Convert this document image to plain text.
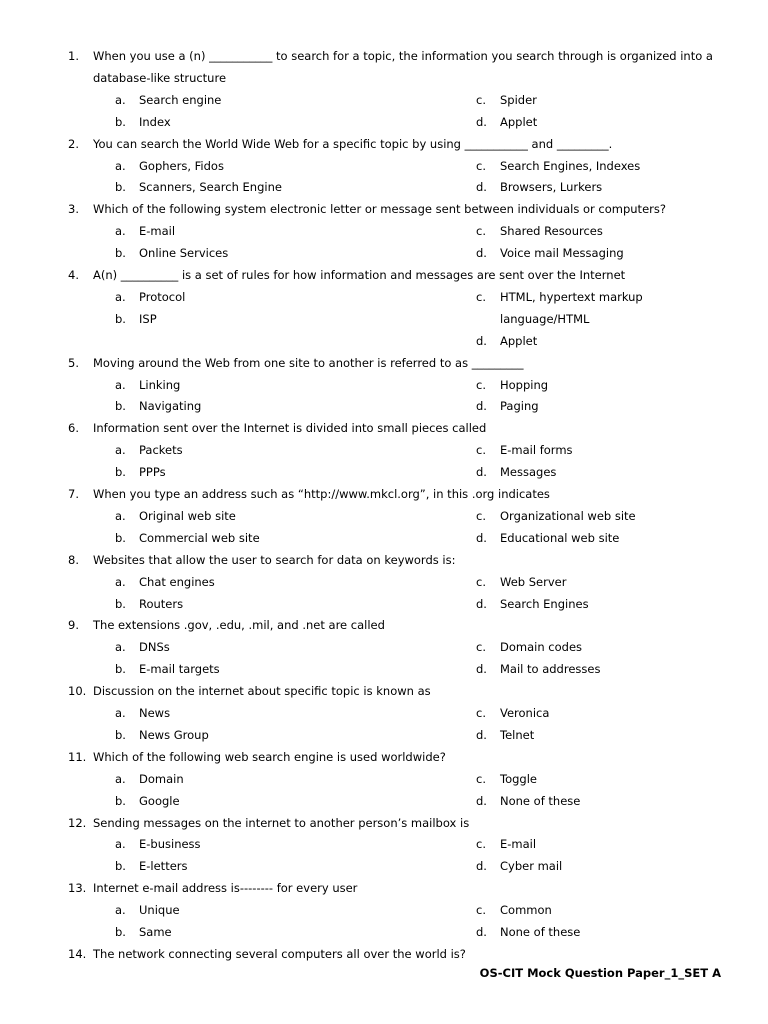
1. When you use a (n) ___________ to search for a topic, the information you search through is organized into a
database-like structure
a. Search engine
b. Index
c. Spider
d. Applet
2. You can search the World Wide Web for a specific topic by using ___________ and _________.
a. Gophers, Fidos
b. Scanners, Search Engine
c. Search Engines, Indexes
d. Browsers, Lurkers
3. Which of the following system electronic letter or message sent between individuals or computers?
a. E-mail
b. Online Services
c. Shared Resources
d. Voice mail Messaging
4. A(n) __________ is a set of rules for how information and messages are sent over the Internet
a. Protocol
b. ISP
c. HTML, hypertext markup
language/HTML
d. Applet
5. Moving around the Web from one site to another is referred to as _________
a. Linking
b. Navigating
c. Hopping
d. Paging
6. Information sent over the Internet is divided into small pieces called
a. Packets
b. PPPs
c. E-mail forms
d. Messages
7. When you type an address such as “http://www.mkcl.org”, in this .org indicates
a. Original web site
b. Commercial web site
c. Organizational web site
d. Educational web site
8. Websites that allow the user to search for data on keywords is:
a. Chat engines
b. Routers
c. Web Server
d. Search Engines
9. The extensions .gov, .edu, .mil, and .net are called
a. DNSs
b. E-mail targets
c. Domain codes
d. Mail to addresses
10. Discussion on the internet about specific topic is known as
a. News
b. News Group
c. Veronica
d. Telnet
11. Which of the following web search engine is used worldwide?
a. Domain
b. Google
c. Toggle
d. None of these
12. Sending messages on the internet to another person’s mailbox is
a. E-business
b. E-letters
c. E-mail
d. Cyber mail
13. Internet e-mail address is-------- for every user
a. Unique
b. Same
c. Common
d. None of these
14. The network connecting several computers all over the world is?
OS-CIT Mock Question Paper_1_SET A
